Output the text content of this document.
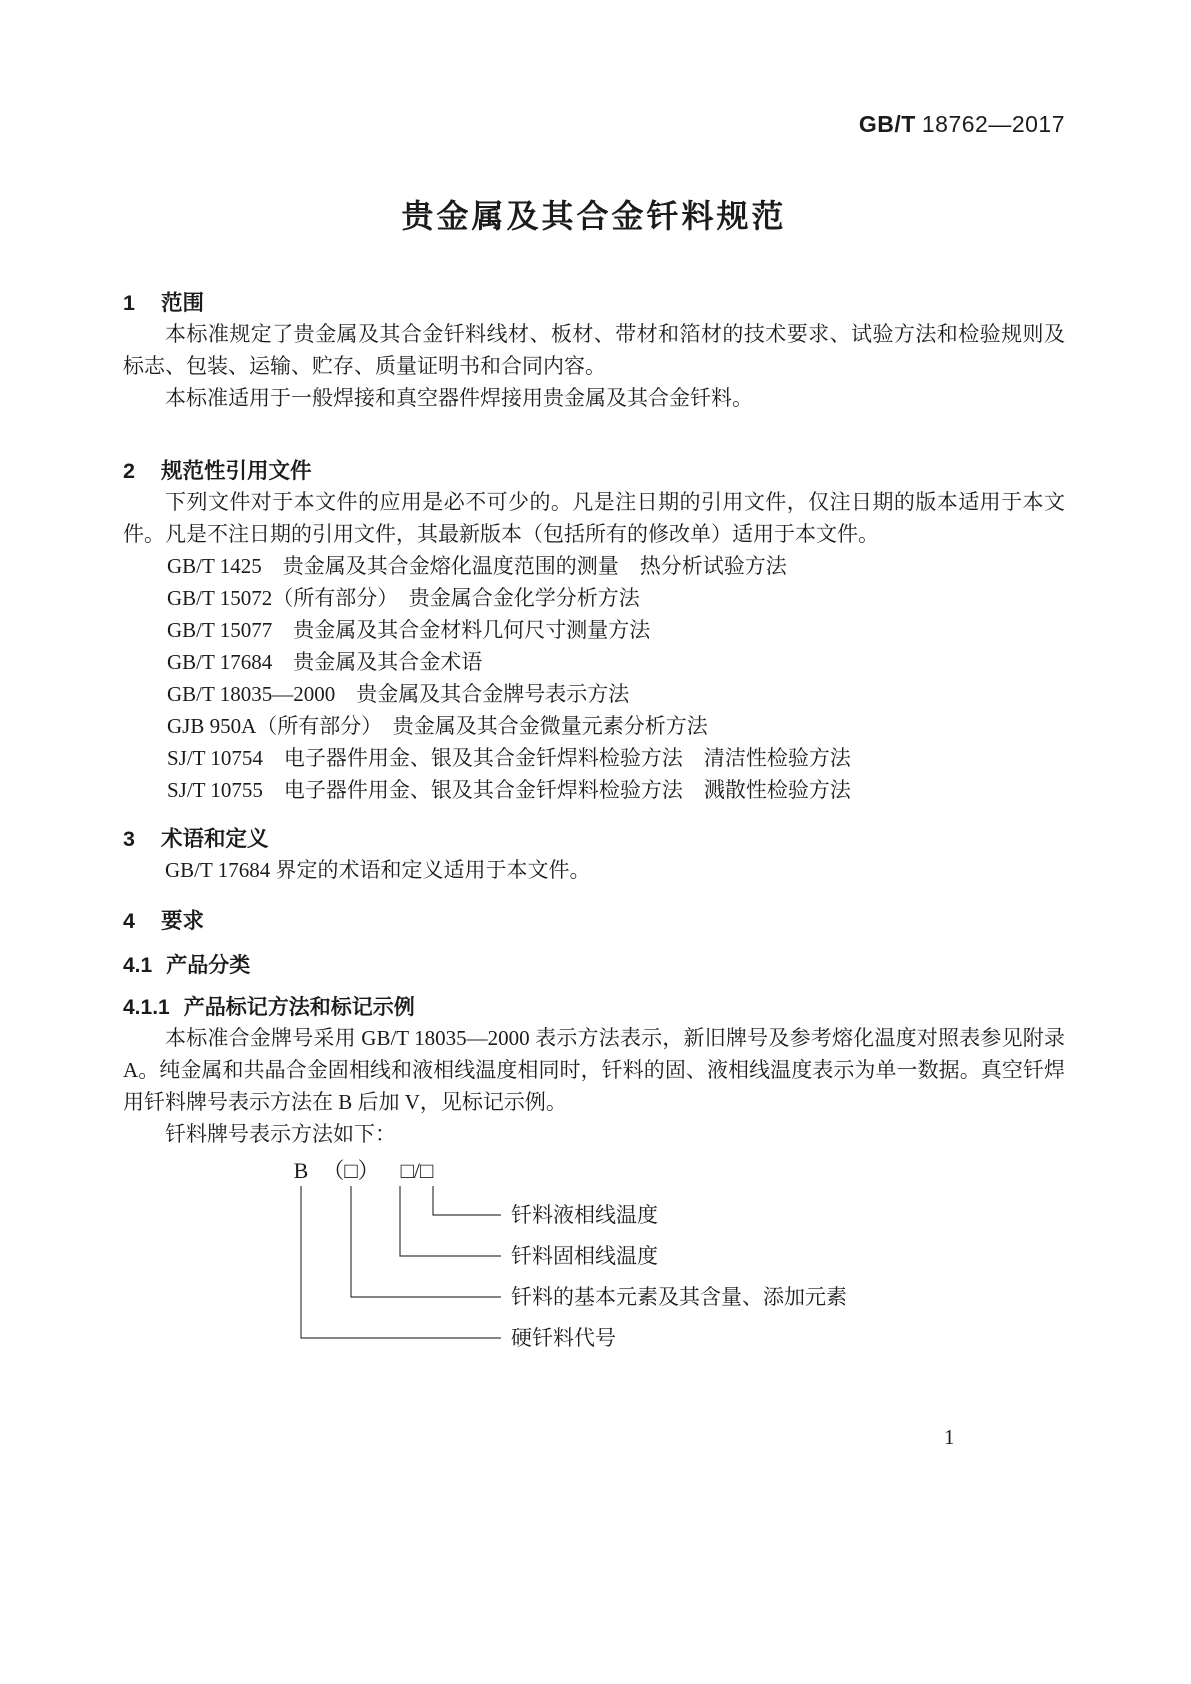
GB/T 18762—2017
贵金属及其合金钎料规范
1 范围

本标准规定了贵金属及其合金钎料线材、板材、带材和箔材的技术要求、试验方法和检验规则及标志、包装、运输、贮存、质量证明书和合同内容。

本标准适用于一般焊接和真空器件焊接用贵金属及其合金钎料。

2 规范性引用文件

下列文件对于本文件的应用是必不可少的。凡是注日期的引用文件，仅注日期的版本适用于本文件。凡是不注日期的引用文件，其最新版本（包括所有的修改单）适用于本文件。

GB/T 1425　贵金属及其合金熔化温度范围的测量　热分析试验方法

GB/T 15072（所有部分）　贵金属合金化学分析方法

GB/T 15077　贵金属及其合金材料几何尺寸测量方法

GB/T 17684　贵金属及其合金术语

GB/T 18035—2000　贵金属及其合金牌号表示方法

GJB 950A（所有部分）　贵金属及其合金微量元素分析方法

SJ/T 10754　电子器件用金、银及其合金钎焊料检验方法　清洁性检验方法

SJ/T 10755　电子器件用金、银及其合金钎焊料检验方法　溅散性检验方法

3 术语和定义

GB/T 17684 界定的术语和定义适用于本文件。

4 要求
4.1 产品分类
4.1.1 产品标记方法和标记示例

本标准合金牌号采用 GB/T 18035—2000 表示方法表示，新旧牌号及参考熔化温度对照表参见附录 A。纯金属和共晶合金固相线和液相线温度相同时，钎料的固、液相线温度表示为单一数据。真空钎焊用钎料牌号表示方法在 B 后加 V，见标记示例。

钎料牌号表示方法如下：

B （□） □/□
钎料液相线温度
钎料固相线温度
钎料的基本元素及其含量、添加元素
硬钎料代号
1
